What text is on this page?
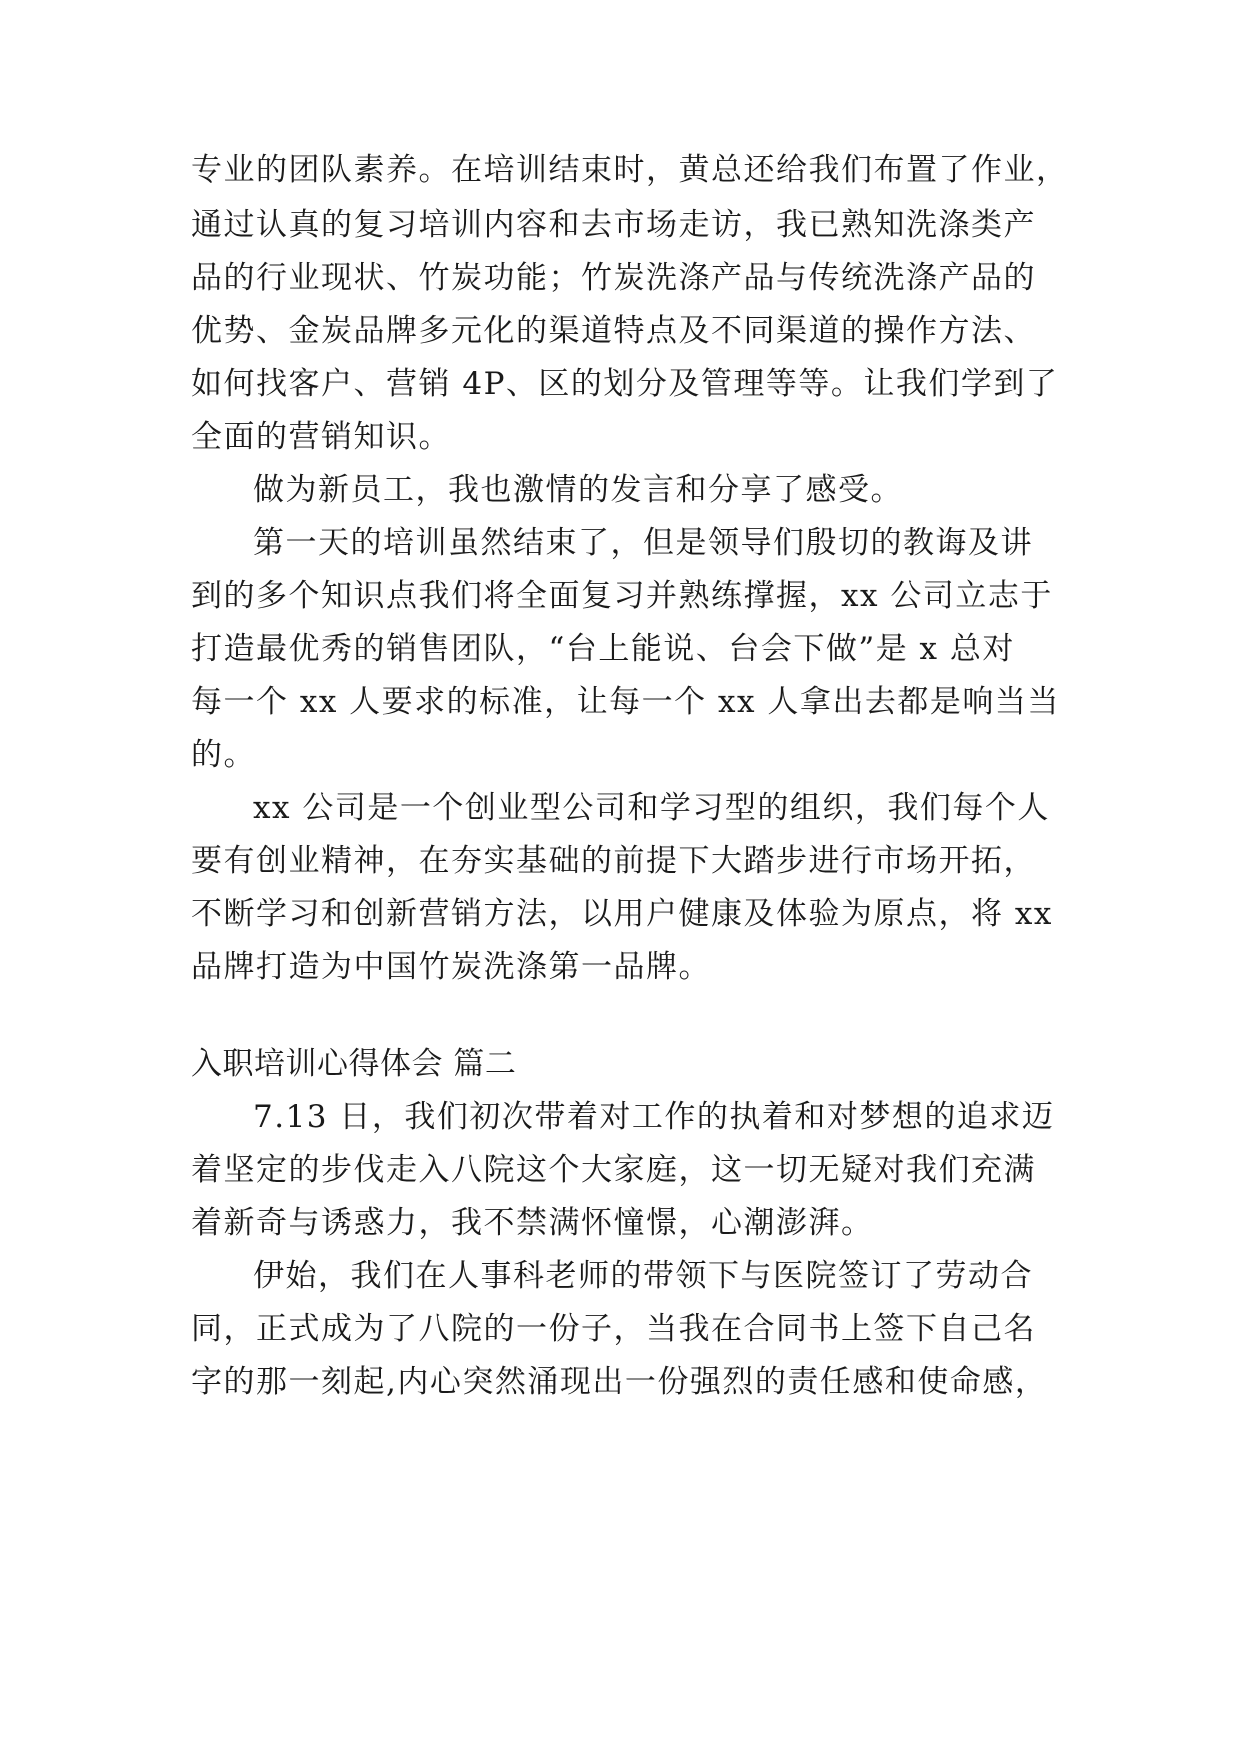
专业的团队素养。在培训结束时，黄总还给我们布置了作业，
通过认真的复习培训内容和去市场走访，我已熟知洗涤类产
品的行业现状、竹炭功能；竹炭洗涤产品与传统洗涤产品的
优势、金炭品牌多元化的渠道特点及不同渠道的操作方法、
如何找客户、营销 4P、区的划分及管理等等。让我们学到了
全面的营销知识。
做为新员工，我也激情的发言和分享了感受。
第一天的培训虽然结束了，但是领导们殷切的教诲及讲
到的多个知识点我们将全面复习并熟练撑握，xx 公司立志于
打造最优秀的销售团队，“台上能说、台会下做”是 x 总对
每一个 xx 人要求的标准，让每一个 xx 人拿出去都是响当当
的。
xx 公司是一个创业型公司和学习型的组织，我们每个人
要有创业精神，在夯实基础的前提下大踏步进行市场开拓，
不断学习和创新营销方法，以用户健康及体验为原点，将 xx
品牌打造为中国竹炭洗涤第一品牌。
入职培训心得体会 篇二
7.13 日，我们初次带着对工作的执着和对梦想的追求迈
着坚定的步伐走入八院这个大家庭，这一切无疑对我们充满
着新奇与诱惑力，我不禁满怀憧憬，心潮澎湃。
伊始，我们在人事科老师的带领下与医院签订了劳动合
同，正式成为了八院的一份子，当我在合同书上签下自己名
字的那一刻起,内心突然涌现出一份强烈的责任感和使命感，
